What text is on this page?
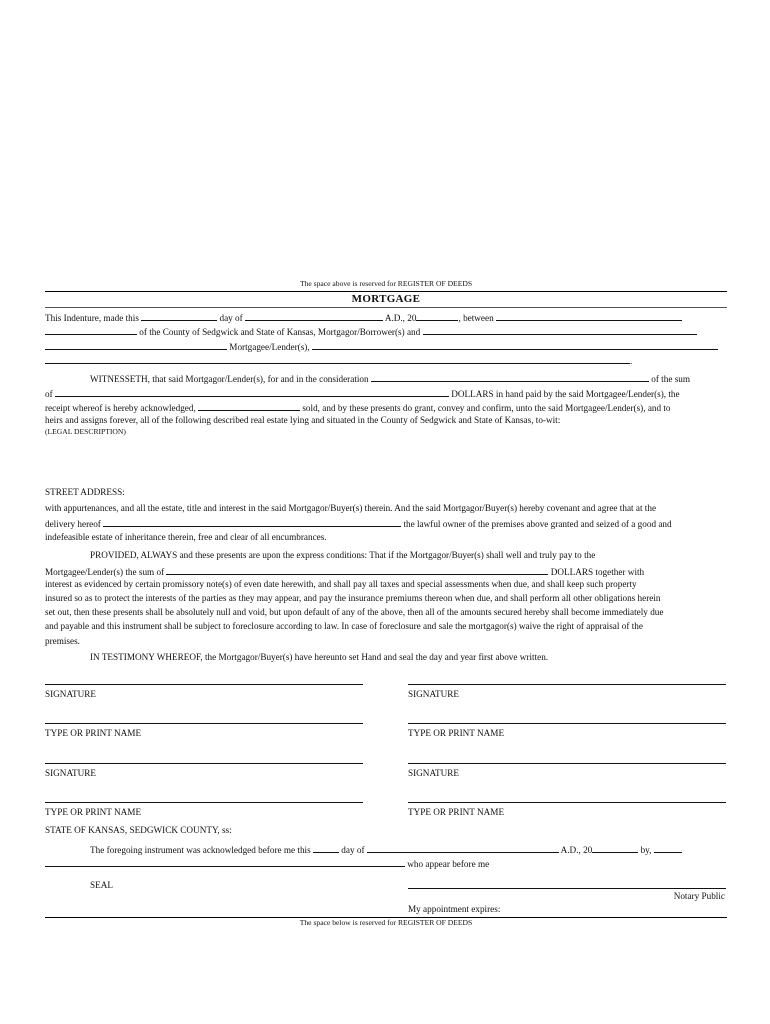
The space above is reserved for REGISTER OF DEEDS
MORTGAGE
This Indenture, made this	day of	A.D., 20	, between
of the County of Sedgwick and State of Kansas, Mortgagor/Borrower(s) and
Mortgagee/Lender(s),
.
WITNESSETH, that said Mortgagor/Lender(s), for and in the consideration	of the sum
of	DOLLARS in hand paid by the said Mortgagee/Lender(s), the
receipt whereof is hereby acknowledged,	sold, and by these presents do grant, convey and confirm, unto the said Mortgagee/Lender(s), and to
heirs and assigns forever, all of the following described real estate lying and situated in the County of Sedgwick and State of Kansas, to-wit:
(LEGAL DESCRIPTION)
STREET ADDRESS:
with appurtenances, and all the estate, title and interest in the said Mortgagor/Buyer(s) therein. And the said Mortgagor/Buyer(s) hereby covenant and agree that at the
delivery hereof	the lawful owner of the premises above granted and seized of a good and
indefeasible estate of inheritance therein, free and clear of all encumbrances.
PROVIDED, ALWAYS and these presents are upon the express conditions: That if the Mortgagor/Buyer(s) shall well and truly pay to the
Mortgagee/Lender(s) the sum of	DOLLARS together with
interest as evidenced by certain promissory note(s) of even date herewith, and shall pay all taxes and special assessments when due, and shall keep such property
insured so as to protect the interests of the parties as they may appear, and pay the insurance premiums thereon when due, and shall perform all other obligations herein
set out, then these presents shall be absolutely null and void, but upon default of any of the above, then all of the amounts secured hereby shall become immediately due
and payable and this instrument shall be subject to foreclosure according to law. In case of foreclosure and sale the mortgagor(s) waive the right of appraisal of the
premises.
IN TESTIMONY WHEREOF, the Mortgagor/Buyer(s) have hereunto set Hand and seal the day and year first above written.
SIGNATURE	SIGNATURE
TYPE OR PRINT NAME	TYPE OR PRINT NAME
SIGNATURE	SIGNATURE
TYPE OR PRINT NAME	TYPE OR PRINT NAME
STATE OF KANSAS, SEDGWICK COUNTY, ss:
The foregoing instrument was acknowledged before me this	day of	A.D., 20	by,
who appear before me
SEAL
Notary Public
My appointment expires:
The space below is reserved for REGISTER OF DEEDS
